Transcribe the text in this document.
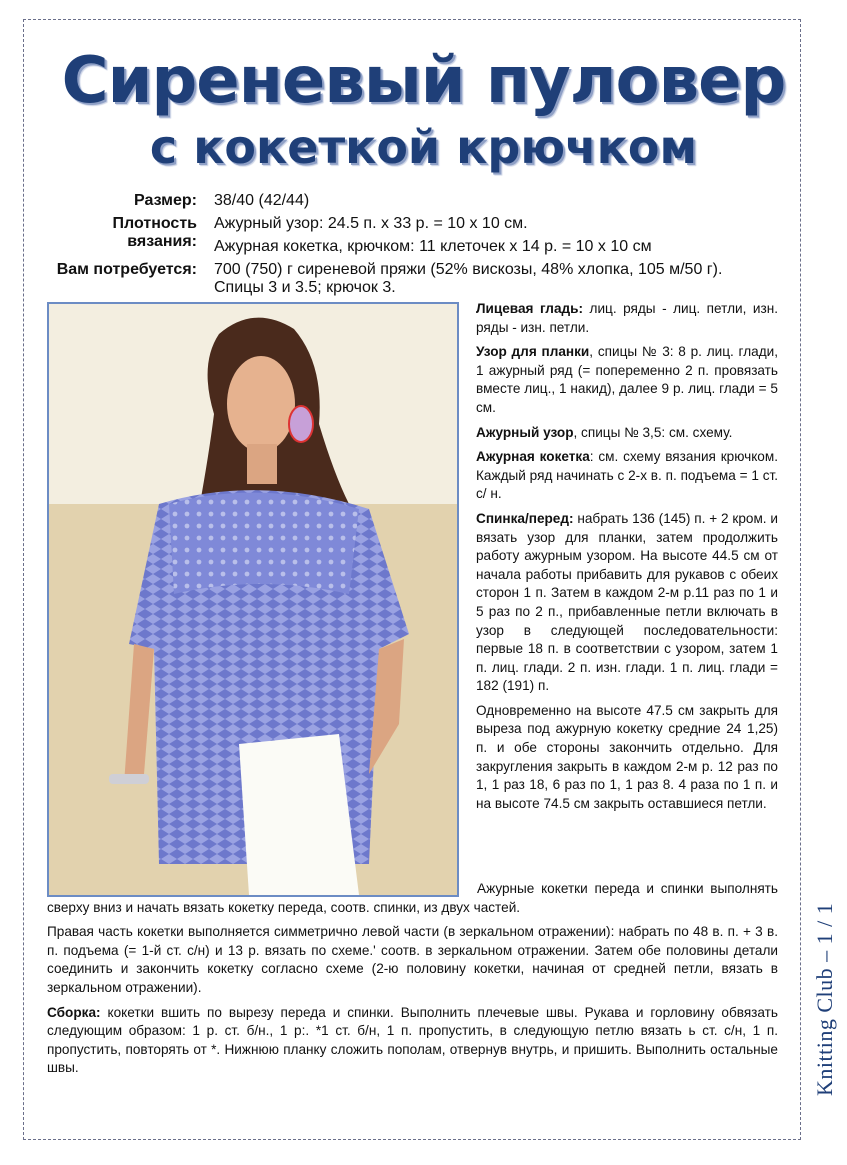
Сиреневый пуловер
с кокеткой крючком
Размер: 38/40 (42/44)
Плотность вязания:
Ажурный узор: 24.5 п. x 33 р. = 10 x 10 см.
Ажурная кокетка, крючком: 11 клеточек x 14 р. = 10 x 10 см
Вам потребуется: 700 (750) г сиреневой пряжи (52% вискозы, 48% хлопка, 105 м/50 г).
Спицы 3 и 3.5; крючок 3.

Лицевая гладь: лиц. ряды - лиц. петли, изн. ряды - изн. петли.

Узор для планки, спицы № 3: 8 р. лиц. глади, 1 ажурный ряд (= попеременно 2 п. провязать вместе лиц., 1 накид), далее 9 р. лиц. глади = 5 см.

Ажурный узор, спицы № 3,5: см. схему.

Ажурная кокетка: см. схему вязания крючком. Каждый ряд начинать с 2-х в. п. подъема = 1 ст. с/ н.

Спинка/перед: набрать 136 (145) п. + 2 кром. и вязать узор для планки, затем продолжить работу ажурным узором. На высоте 44.5 см от начала работы прибавить для рукавов с обеих сторон 1 п. Затем в каждом 2-м р.11 раз по 1 и 5 раз по 2 п., прибавленные петли включать в узор в следующей последовательности: первые 18 п. в соответствии с узором, затем 1 п. лиц. глади. 2 п. изн. глади. 1 п. лиц. глади = 182 (191) п.

Одновременно на высоте 47.5 см закрыть для выреза под ажурную кокетку средние 24 1,25) п. и обе стороны закончить отдельно. Для закругления закрыть в каждом 2-м р. 12 раз по 1, 1 раз 18, 6 раз по 1, 1 раз 8. 4 раза по 1 п. и на высоте 74.5 см закрыть оставшиеся петли.

Ажурные кокетки переда и спинки выполнять сверху вниз и начать вязать кокетку переда, соотв. спинки, из двух частей.

Правая часть кокетки выполняется симметрично левой части (в зеркальном отражении): набрать по 48 в. п. + 3 в. п. подъема (= 1-й ст. с/н) и 13 р. вязать по схеме.' соотв. в зеркальном отражении. Затем обе половины детали соединить и закончить кокетку согласно схеме (2-ю половину кокетки, начиная от средней петли, вязать в зеркальном отражении).

Сборка: кокетки вшить по вырезу переда и спинки. Выполнить плечевые швы. Рукава и горловину обвязать следующим образом: 1 р. ст. б/н., 1 р:. *1 ст. б/н, 1 п. пропустить, в следующую петлю вязать ь ст. с/н, 1 п. пропустить, повторять от *. Нижнюю планку сложить пополам, отвернув внутрь, и пришить. Выполнить остальные швы.	Knitting Club – 1 / 1
